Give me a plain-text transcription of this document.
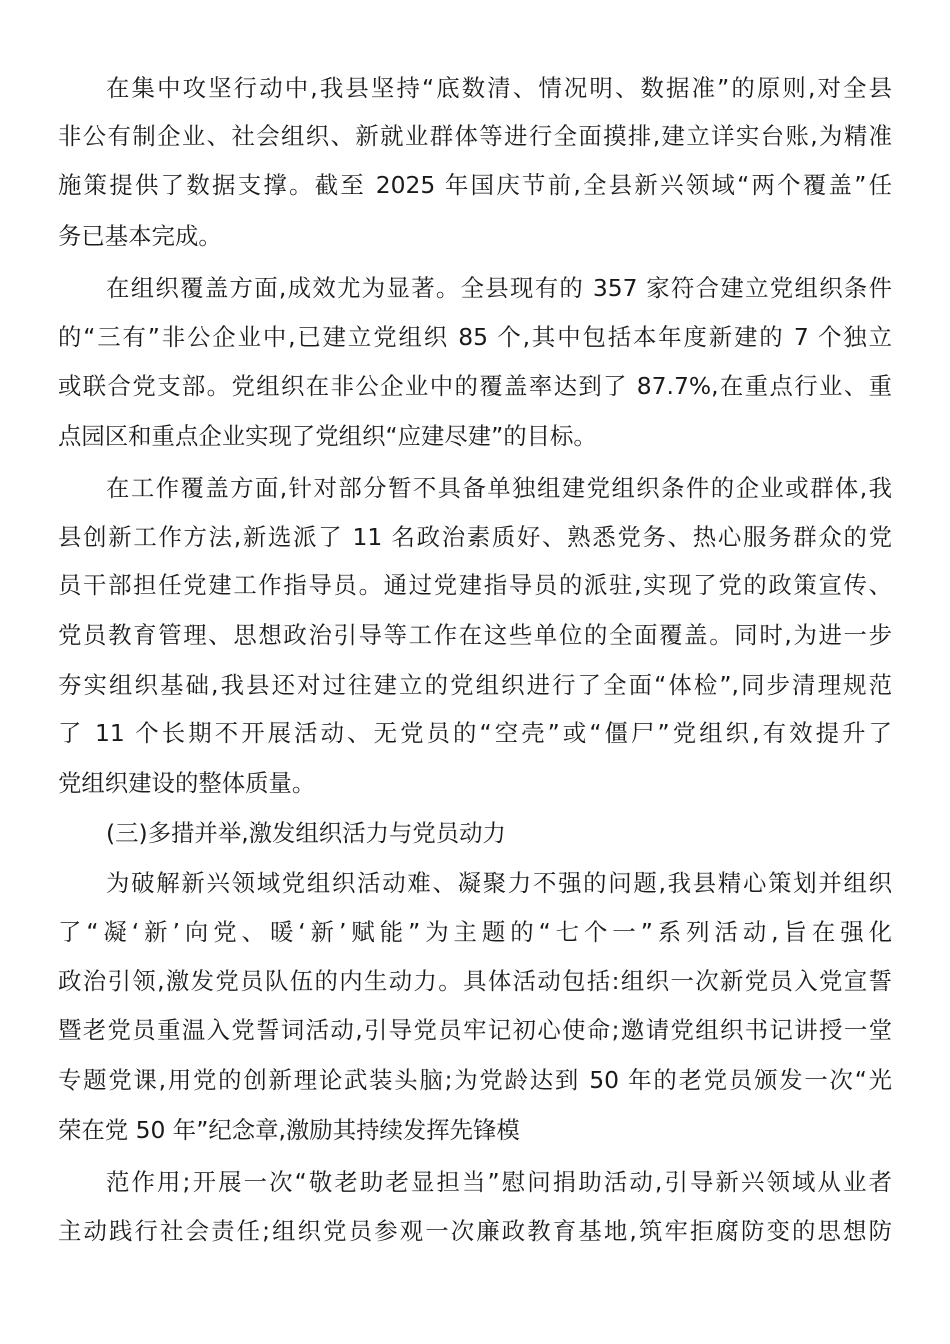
在集中攻坚行动中,我县坚持“底数清、情况明、数据准”的原则,对全县
非公有制企业、社会组织、新就业群体等进行全面摸排,建立详实台账,为精准
施策提供了数据支撑。截至 2025 年国庆节前,全县新兴领域“两个覆盖”任
务已基本完成。
在组织覆盖方面,成效尤为显著。全县现有的 357 家符合建立党组织条件
的“三有”非公企业中,已建立党组织 85 个,其中包括本年度新建的 7 个独立
或联合党支部。党组织在非公企业中的覆盖率达到了 87.7%,在重点行业、重
点园区和重点企业实现了党组织“应建尽建”的目标。
在工作覆盖方面,针对部分暂不具备单独组建党组织条件的企业或群体,我
县创新工作方法,新选派了 11 名政治素质好、熟悉党务、热心服务群众的党
员干部担任党建工作指导员。通过党建指导员的派驻,实现了党的政策宣传、
党员教育管理、思想政治引导等工作在这些单位的全面覆盖。同时,为进一步
夯实组织基础,我县还对过往建立的党组织进行了全面“体检”,同步清理规范
了 11 个长期不开展活动、无党员的“空壳”或“僵尸”党组织,有效提升了
党组织建设的整体质量。
(三)多措并举,激发组织活力与党员动力
为破解新兴领域党组织活动难、凝聚力不强的问题,我县精心策划并组织
了“凝‘新’向党、暖‘新’赋能”为主题的“七个一”系列活动,旨在强化
政治引领,激发党员队伍的内生动力。具体活动包括:组织一次新党员入党宣誓
暨老党员重温入党誓词活动,引导党员牢记初心使命;邀请党组织书记讲授一堂
专题党课,用党的创新理论武装头脑;为党龄达到 50 年的老党员颁发一次“光
荣在党 50 年”纪念章,激励其持续发挥先锋模
范作用;开展一次“敬老助老显担当”慰问捐助活动,引导新兴领域从业者
主动践行社会责任;组织党员参观一次廉政教育基地,筑牢拒腐防变的思想防
